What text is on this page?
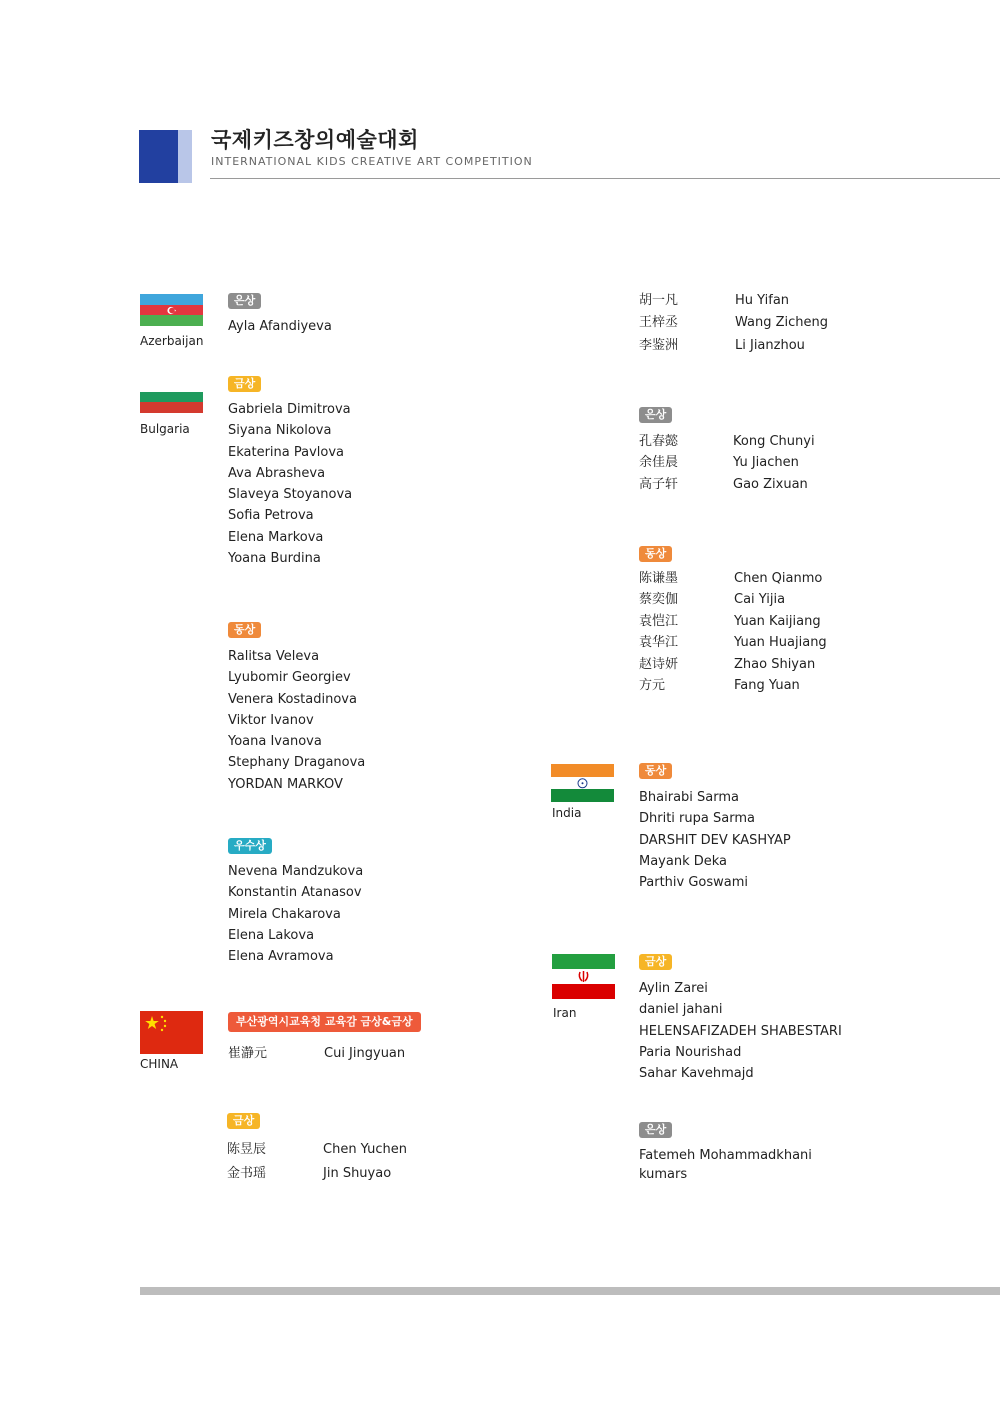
국제키즈창의예술대회
INTERNATIONAL KIDS CREATIVE ART COMPETITION
Azerbaijan
은상
Ayla Afandiyeva
Bulgaria
금상
Gabriela Dimitrova
Siyana Nikolova
Ekaterina Pavlova
Ava Abrasheva
Slaveya Stoyanova
Sofia Petrova
Elena Markova
Yoana Burdina
동상
Ralitsa Veleva
Lyubomir Georgiev
Venera Kostadinova
Viktor Ivanov
Yoana Ivanova
Stephany Draganova
YORDAN MARKOV
우수상
Nevena Mandzukova
Konstantin Atanasov
Mirela Chakarova
Elena Lakova
Elena Avramova
CHINA
부산광역시교육청 교육감 금상&금상
崔瀞元	Cui Jingyuan
금상
陈昱辰	Chen Yuchen
金书瑶	Jin Shuyao
胡一凡	Hu Yifan
王梓丞	Wang Zicheng
李鉴洲	Li Jianzhou
은상
孔春懿	Kong Chunyi
余佳晨	Yu Jiachen
高子轩	Gao Zixuan
동상
陈谦墨	Chen Qianmo
蔡奕伽	Cai Yijia
袁恺江	Yuan Kaijiang
袁华江	Yuan Huajiang
赵诗妍	Zhao Shiyan
方元	Fang Yuan
India
동상
Bhairabi Sarma
Dhriti rupa Sarma
DARSHIT DEV KASHYAP
Mayank Deka
Parthiv Goswami
Iran
금상
Aylin Zarei
daniel jahani
HELENSAFIZADEH SHABESTARI
Paria Nourishad
Sahar Kavehmajd
은상
Fatemeh Mohammadkhani
kumars
